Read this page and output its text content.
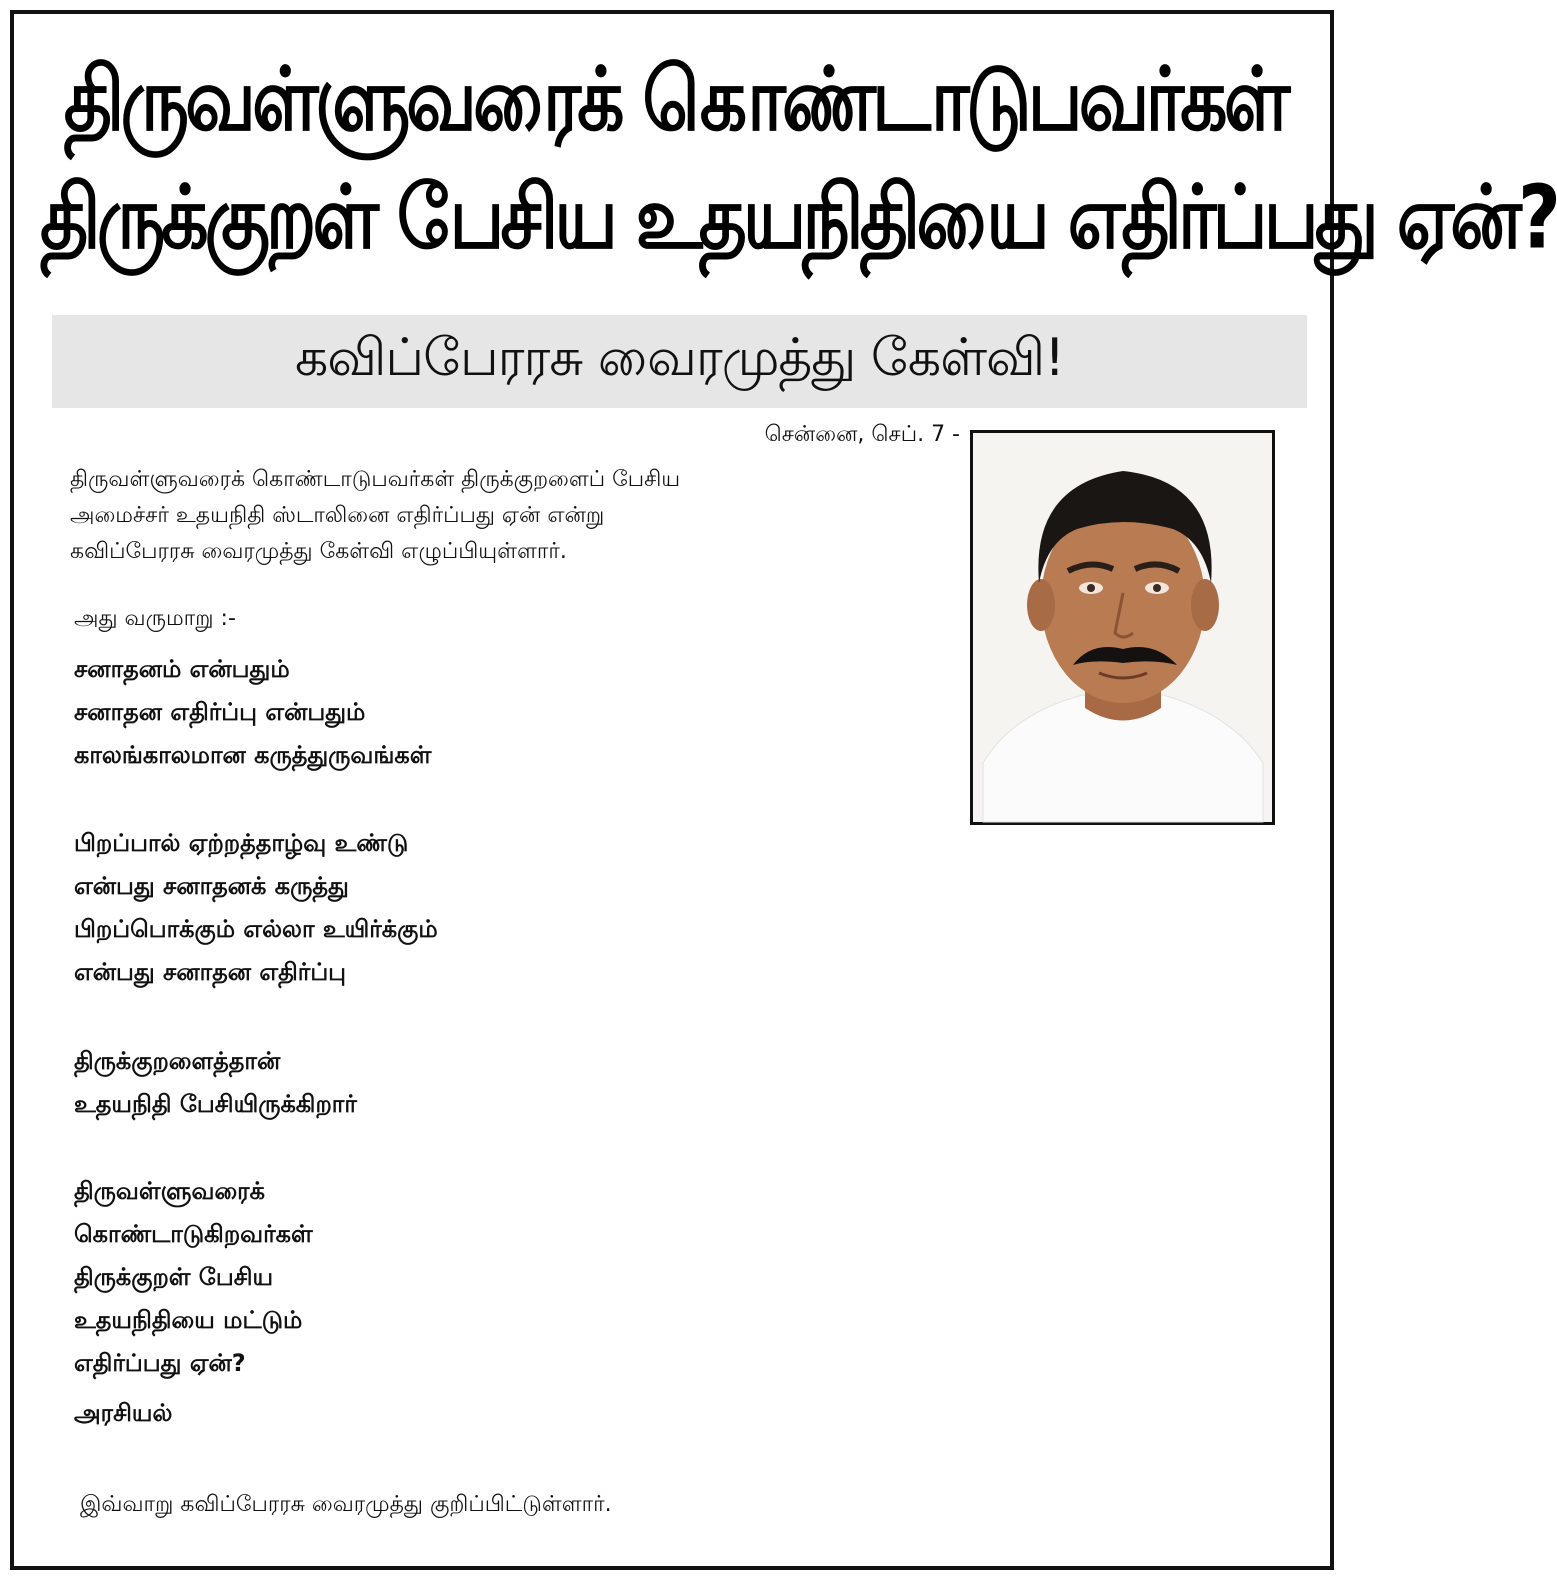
திருவள்ளுவரைக் கொண்டாடுபவர்கள்
திருக்குறள் பேசிய உதயநிதியை எதிர்ப்பது ஏன்?
கவிப்பேரரசு வைரமுத்து கேள்வி!
சென்னை, செப். 7 -
திருவள்ளுவரைக் கொண்டாடுபவர்கள் திருக்குறளைப் பேசிய
அமைச்சர் உதயநிதி ஸ்டாலினை எதிர்ப்பது ஏன் என்று
கவிப்பேரரசு வைரமுத்து கேள்வி எழுப்பியுள்ளார்.
அது வருமாறு :-
சனாதனம் என்பதும்
சனாதன எதிர்ப்பு என்பதும்
காலங்காலமான கருத்துருவங்கள்
பிறப்பால் ஏற்றத்தாழ்வு உண்டு
என்பது சனாதனக் கருத்து
பிறப்பொக்கும் எல்லா உயிர்க்கும்
என்பது சனாதன எதிர்ப்பு
திருக்குறளைத்தான்
உதயநிதி பேசியிருக்கிறார்
திருவள்ளுவரைக்
கொண்டாடுகிறவர்கள்
திருக்குறள் பேசிய
உதயநிதியை மட்டும்
எதிர்ப்பது ஏன்?
அரசியல்
இவ்வாறு கவிப்பேரரசு வைரமுத்து குறிப்பிட்டுள்ளார்.
